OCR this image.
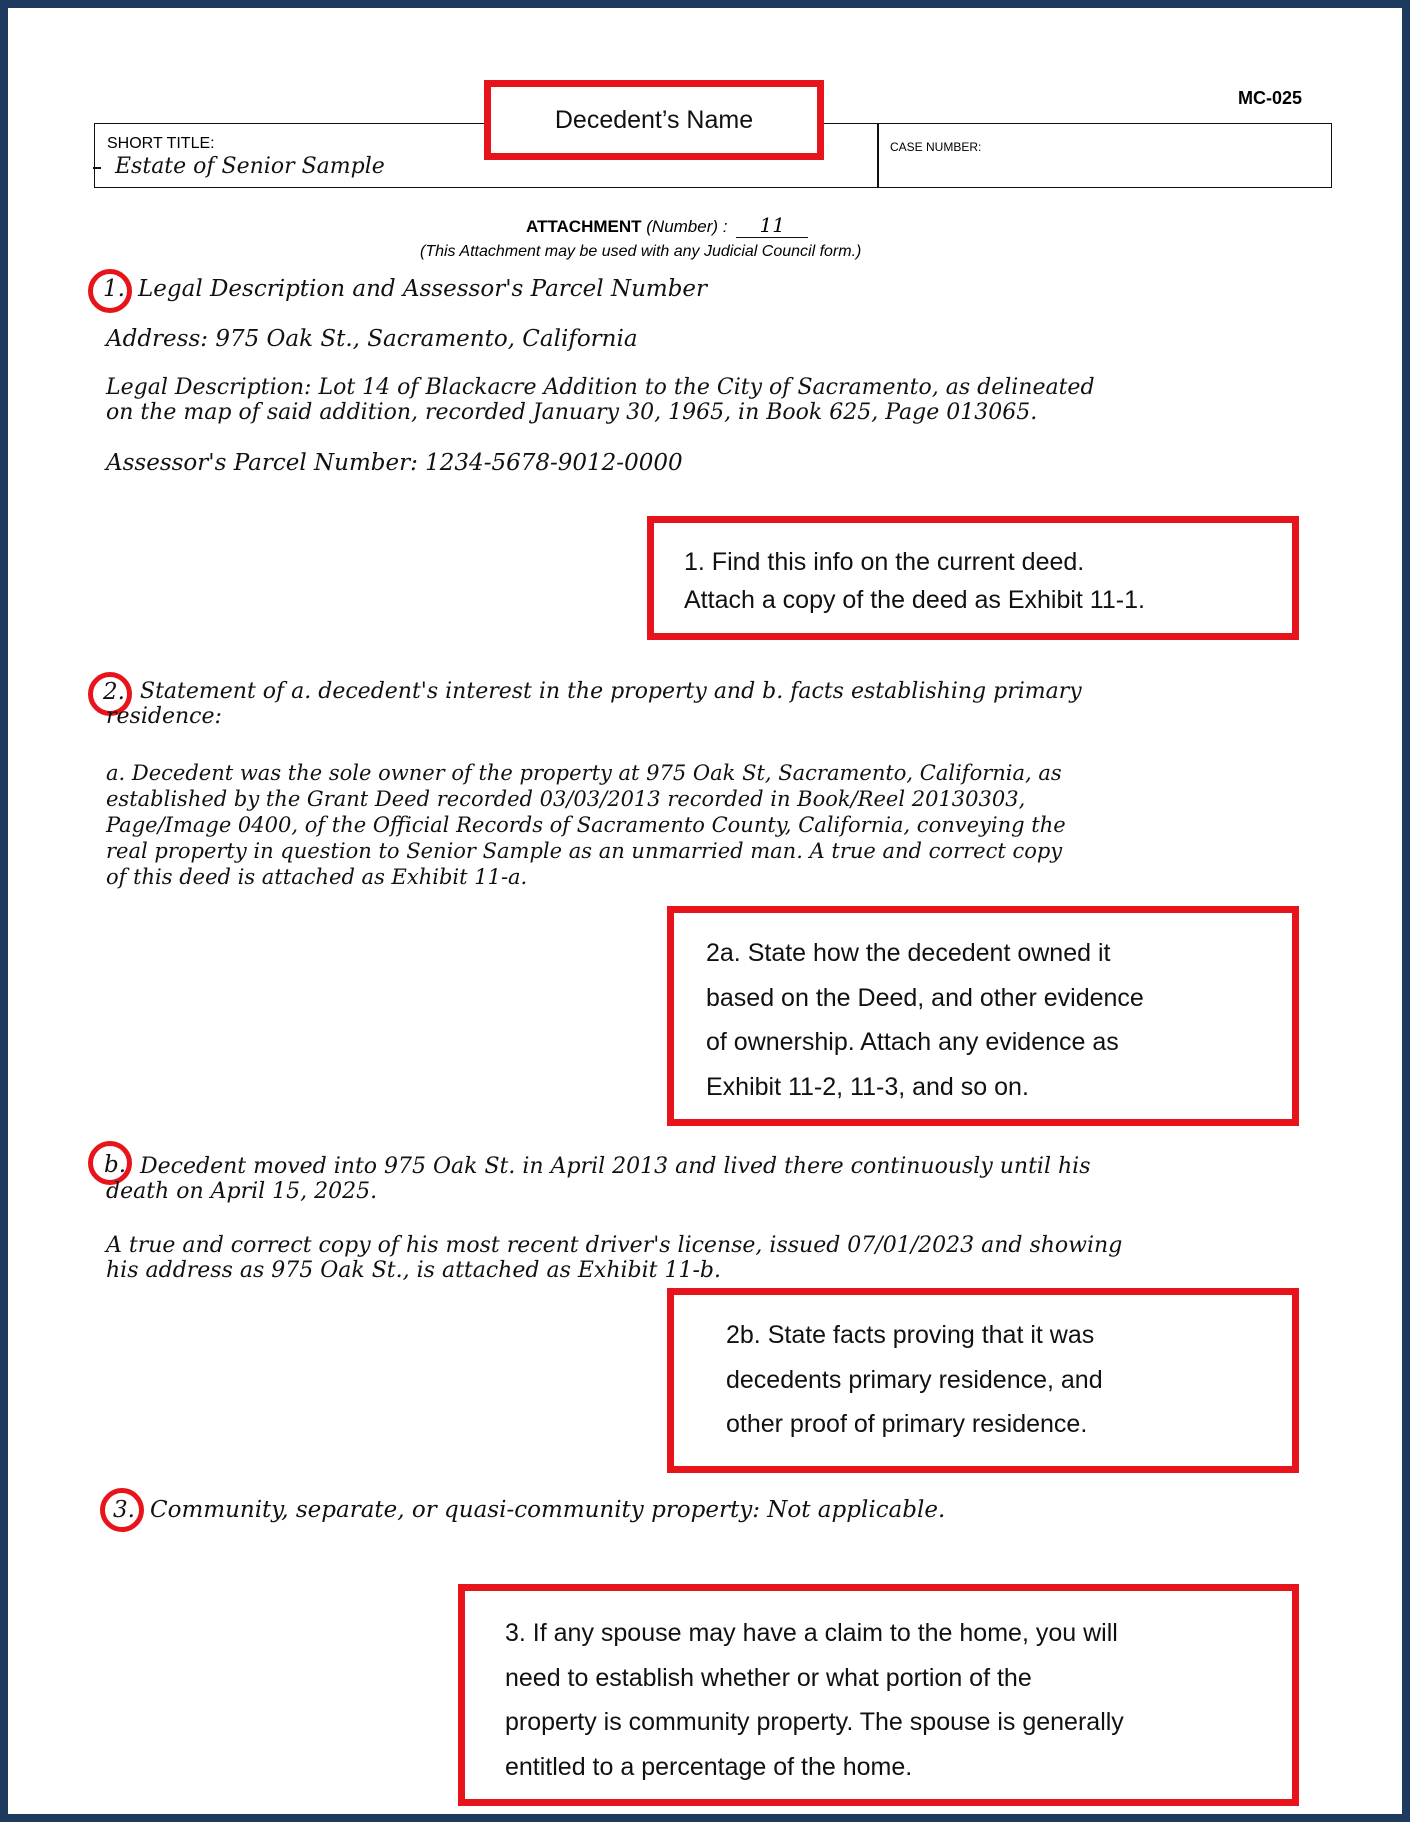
MC-025
SHORT TITLE:
Estate of Senior Sample
CASE NUMBER:
Decedent’s Name
ATTACHMENT (Number) : 11
(This Attachment may be used with any Judicial Council form.)
1. Legal Description and Assessor's Parcel Number
Address: 975 Oak St., Sacramento, California
Legal Description: Lot 14 of Blackacre Addition to the City of Sacramento, as delineated
on the map of said addition, recorded January 30, 1965, in Book 625, Page 013065.
Assessor's Parcel Number: 1234-5678-9012-0000
1. Find this info on the current deed.
Attach a copy of the deed as Exhibit 11-1.
2. Statement of a. decedent's interest in the property and b. facts establishing primary
residence:
a. Decedent was the sole owner of the property at 975 Oak St, Sacramento, California, as
established by the Grant Deed recorded 03/03/2013 recorded in Book/Reel 20130303,
Page/Image 0400, of the Official Records of Sacramento County, California, conveying the
real property in question to Senior Sample as an unmarried man. A true and correct copy
of this deed is attached as Exhibit 11-a.
2a. State how the decedent owned it
based on the Deed, and other evidence
of ownership. Attach any evidence as
Exhibit 11-2, 11-3, and so on.
b. Decedent moved into 975 Oak St. in April 2013 and lived there continuously until his
death on April 15, 2025.
A true and correct copy of his most recent driver's license, issued 07/01/2023 and showing
his address as 975 Oak St., is attached as Exhibit 11-b.
2b. State facts proving that it was
decedents primary residence, and
other proof of primary residence.
3. Community, separate, or quasi-community property: Not applicable.
3. If any spouse may have a claim to the home, you will
need to establish whether or what portion of the
property is community property. The spouse is generally
entitled to a percentage of the home.
